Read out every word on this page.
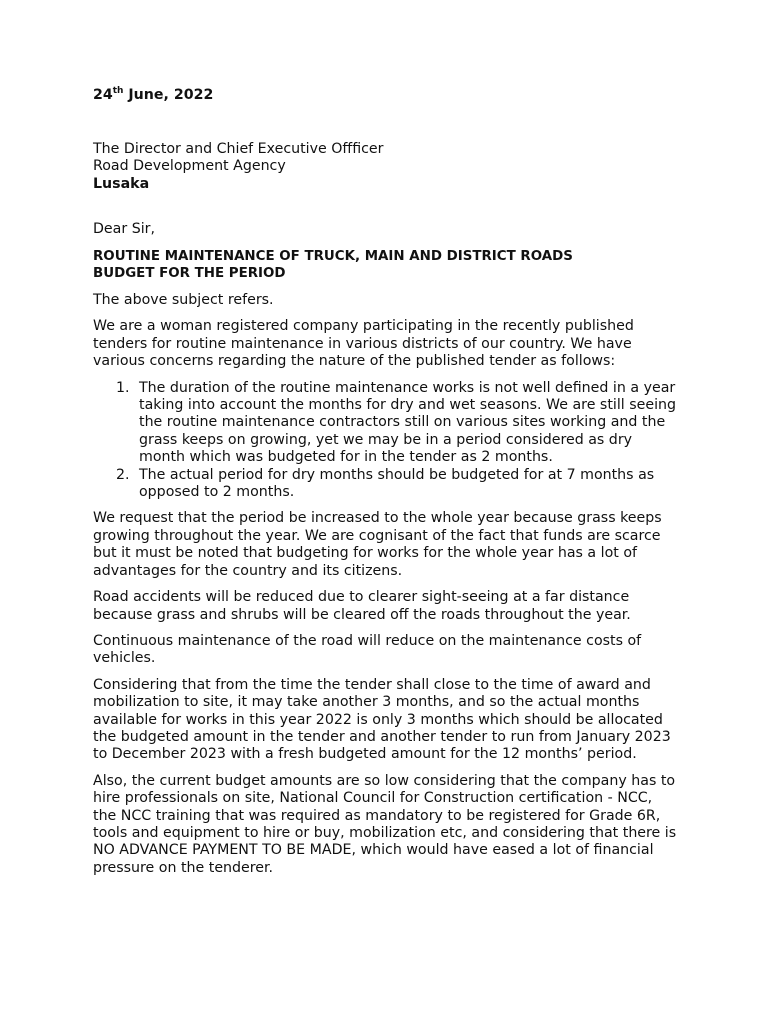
24th June, 2022
The Director and Chief Executive Offficer
Road Development Agency
Lusaka
Dear Sir,
ROUTINE MAINTENANCE OF TRUCK, MAIN AND DISTRICT ROADS
BUDGET FOR THE PERIOD

The above subject refers.

We are a woman registered company participating in the recently published tenders for routine maintenance in various districts of our country. We have various concerns regarding the nature of the published tender as follows:

1. The duration of the routine maintenance works is not well defined in a year taking into account the months for dry and wet seasons. We are still seeing the routine maintenance contractors still on various sites working and the grass keeps on growing, yet we may be in a period considered as dry month which was budgeted for in the tender as 2 months.
2. The actual period for dry months should be budgeted for at 7 months as opposed to 2 months.

We request that the period be increased to the whole year because grass keeps growing throughout the year. We are cognisant of the fact that funds are scarce but it must be noted that budgeting for works for the whole year has a lot of advantages for the country and its citizens.

Road accidents will be reduced due to clearer sight-seeing at a far distance because grass and shrubs will be cleared off the roads throughout the year.

Continuous maintenance of the road will reduce on the maintenance costs of vehicles.

Considering that from the time the tender shall close to the time of award and mobilization to site, it may take another 3 months, and so the actual months available for works in this year 2022 is only 3 months which should be allocated the budgeted amount in the tender and another tender to run from January 2023 to December 2023 with a fresh budgeted amount for the 12 months’ period.

Also, the current budget amounts are so low considering that the company has to hire professionals on site, National Council for Construction certification - NCC, the NCC training that was required as mandatory to be registered for Grade 6R, tools and equipment to hire or buy, mobilization etc, and considering that there is NO ADVANCE PAYMENT TO BE MADE, which would have eased a lot of financial pressure on the tenderer.
